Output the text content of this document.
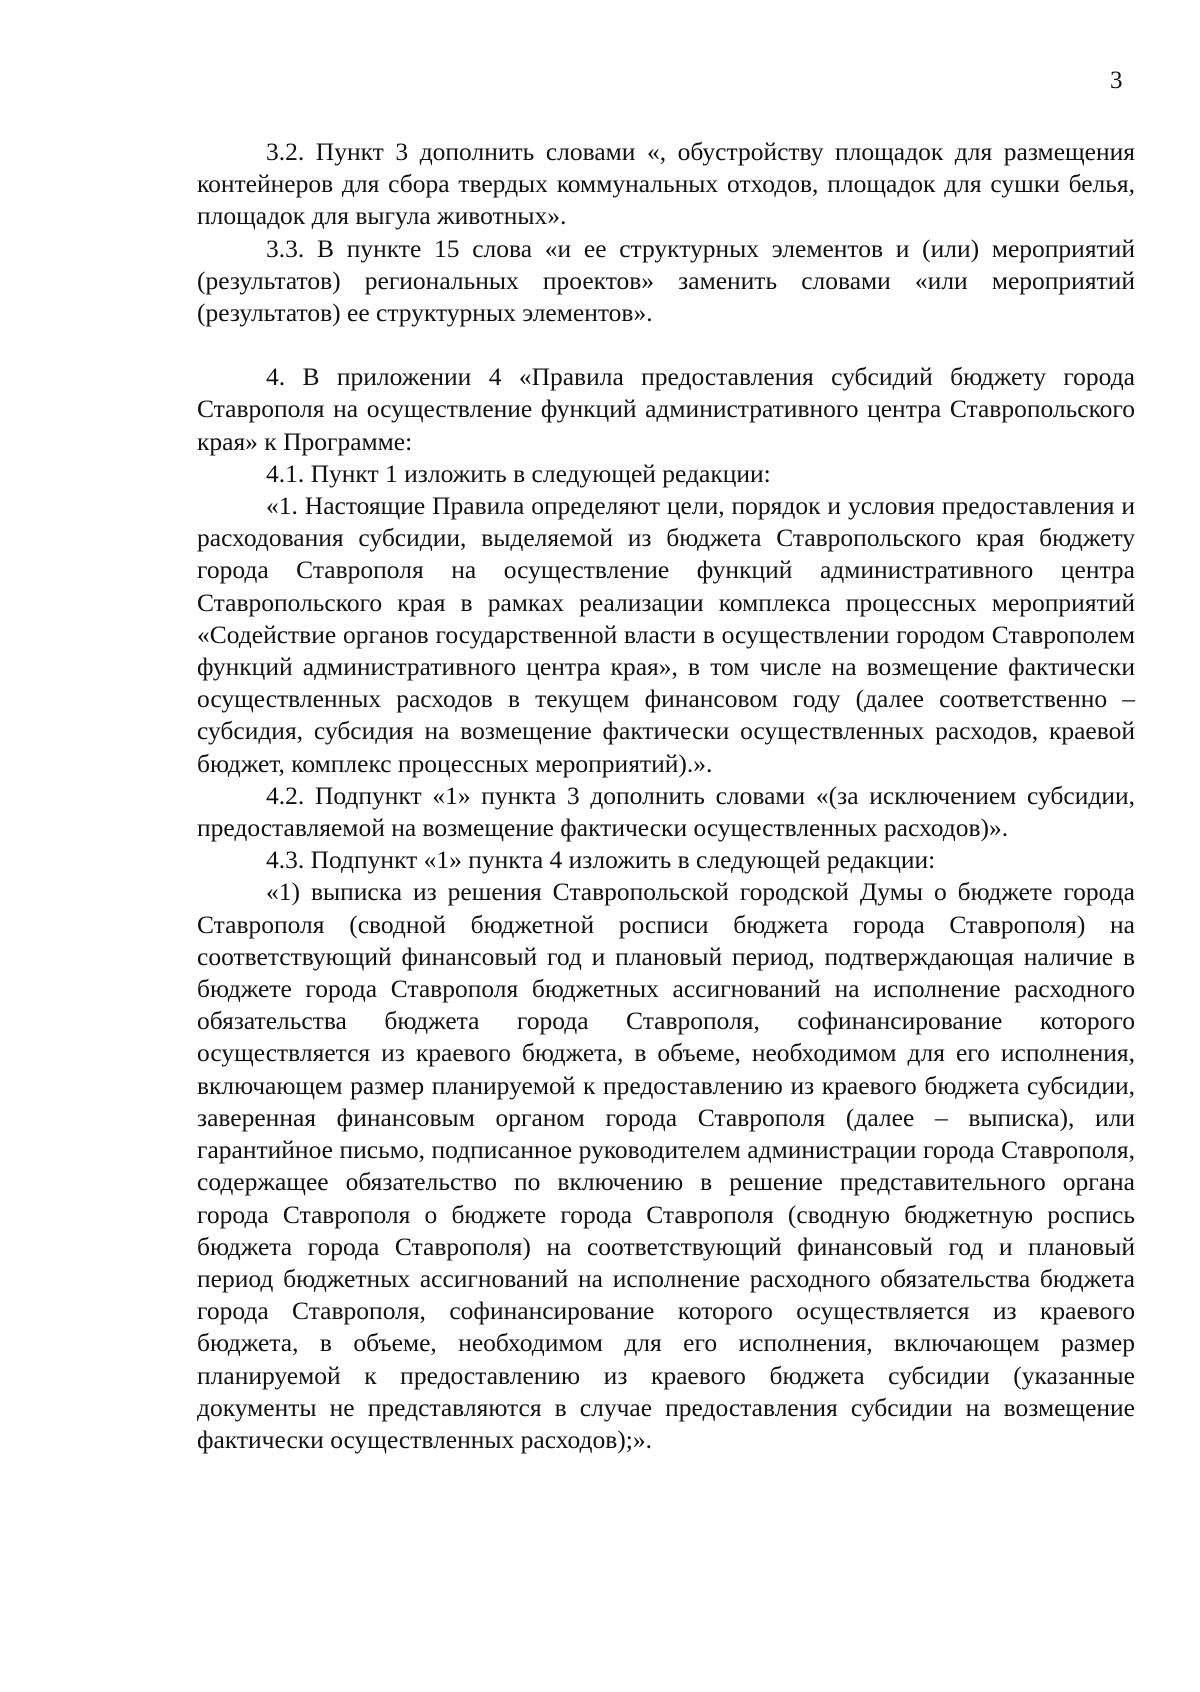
3

3.2. Пункт 3 дополнить словами «, обустройству площадок для размещения контейнеров для сбора твердых коммунальных отходов, площадок для сушки белья, площадок для выгула животных».

3.3. В пункте 15 слова «и ее структурных элементов и (или) мероприятий (результатов) региональных проектов» заменить словами «или мероприятий (результатов) ее структурных элементов».

4. В приложении 4 «Правила предоставления субсидий бюджету города Ставрополя на осуществление функций административного центра Ставропольского края» к Программе:

4.1. Пункт 1 изложить в следующей редакции:

«1. Настоящие Правила определяют цели, порядок и условия предоставления и расходования субсидии, выделяемой из бюджета Ставропольского края бюджету города Ставрополя на осуществление функций административного центра Ставропольского края в рамках реализации комплекса процессных мероприятий «Содействие органов государственной власти в осуществлении городом Ставрополем функций административного центра края», в том числе на возмещение фактически осуществленных расходов в текущем финансовом году (далее соответственно – субсидия, субсидия на возмещение фактически осуществленных расходов, краевой бюджет, комплекс процессных мероприятий).».

4.2. Подпункт «1» пункта 3 дополнить словами «(за исключением субсидии, предоставляемой на возмещение фактически осуществленных расходов)».

4.3. Подпункт «1» пункта 4 изложить в следующей редакции:

«1) выписка из решения Ставропольской городской Думы о бюджете города Ставрополя (сводной бюджетной росписи бюджета города Ставрополя) на соответствующий финансовый год и плановый период, подтверждающая наличие в бюджете города Ставрополя бюджетных ассигнований на исполнение расходного обязательства бюджета города Ставрополя, софинансирование которого осуществляется из краевого бюджета, в объеме, необходимом для его исполнения, включающем размер планируемой к предоставлению из краевого бюджета субсидии, заверенная финансовым органом города Ставрополя (далее – выписка), или гарантийное письмо, подписанное руководителем администрации города Ставрополя, содержащее обязательство по включению в решение представительного органа города Ставрополя о бюджете города Ставрополя (сводную бюджетную роспись бюджета города Ставрополя) на соответствующий финансовый год и плановый период бюджетных ассигнований на исполнение расходного обязательства бюджета города Ставрополя, софинансирование которого осуществляется из краевого бюджета, в объеме, необходимом для его исполнения, включающем размер планируемой к предоставлению из краевого бюджета субсидии (указанные документы не представляются в случае предоставления субсидии на возмещение фактически осуществленных расходов);».
